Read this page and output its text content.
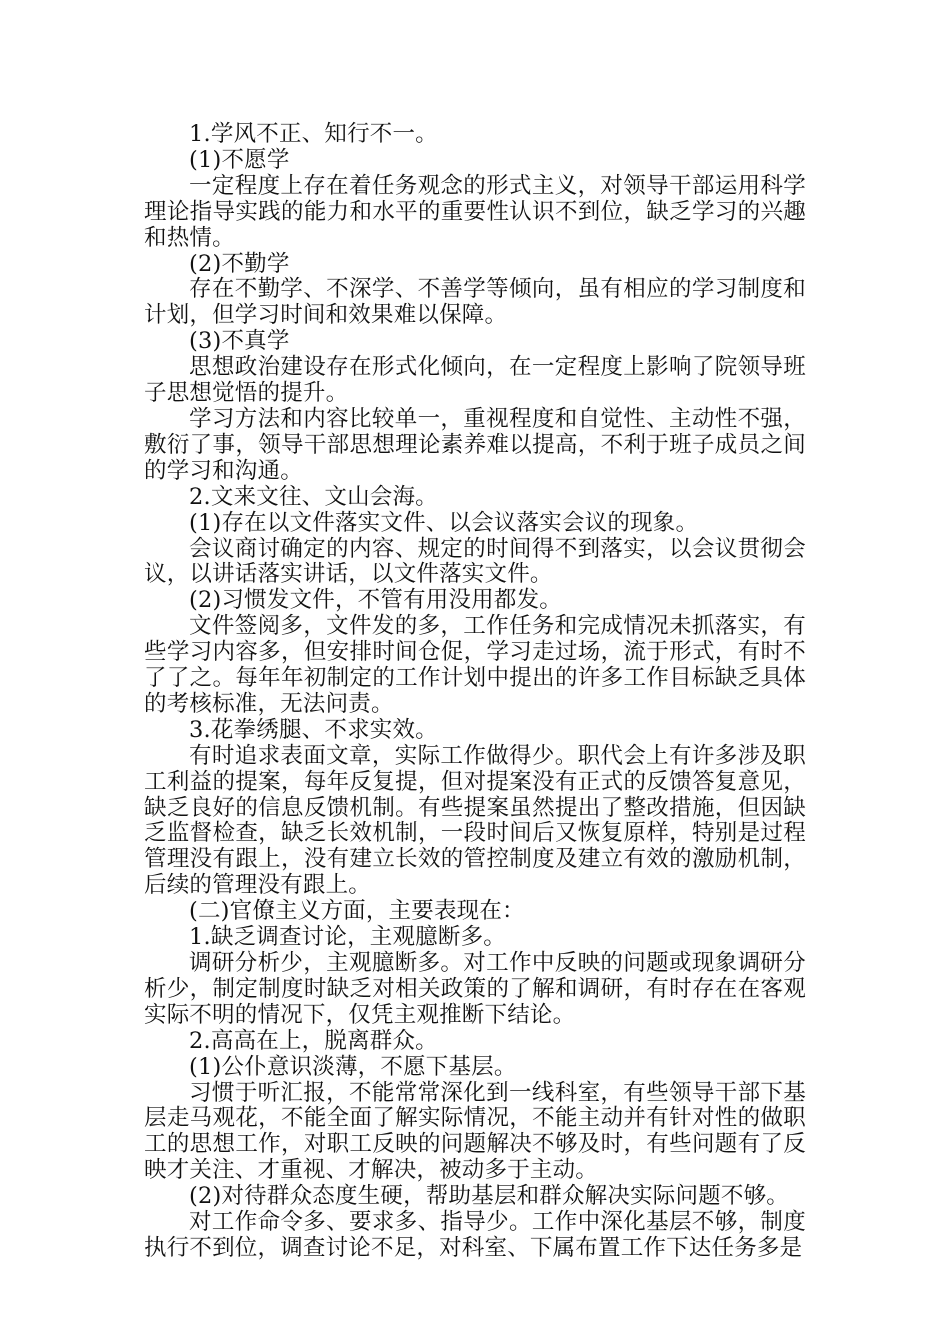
1.学风不正、知行不一。

(1)不愿学

一定程度上存在着任务观念的形式主义，对领导干部运用科学理论指导实践的能力和水平的重要性认识不到位，缺乏学习的兴趣和热情。

(2)不勤学

存在不勤学、不深学、不善学等倾向，虽有相应的学习制度和计划，但学习时间和效果难以保障。

(3)不真学

思想政治建设存在形式化倾向，在一定程度上影响了院领导班子思想觉悟的提升。

学习方法和内容比较单一，重视程度和自觉性、主动性不强，敷衍了事，领导干部思想理论素养难以提高，不利于班子成员之间的学习和沟通。

2.文来文往、文山会海。

(1)存在以文件落实文件、以会议落实会议的现象。

会议商讨确定的内容、规定的时间得不到落实，以会议贯彻会议，以讲话落实讲话，以文件落实文件。

(2)习惯发文件，不管有用没用都发。

文件签阅多，文件发的多，工作任务和完成情况未抓落实，有些学习内容多，但安排时间仓促，学习走过场，流于形式，有时不了了之。每年年初制定的工作计划中提出的许多工作目标缺乏具体的考核标准，无法问责。

3.花拳绣腿、不求实效。

有时追求表面文章，实际工作做得少。职代会上有许多涉及职工利益的提案，每年反复提，但对提案没有正式的反馈答复意见，缺乏良好的信息反馈机制。有些提案虽然提出了整改措施，但因缺乏监督检查，缺乏长效机制，一段时间后又恢复原样，特别是过程管理没有跟上，没有建立长效的管控制度及建立有效的激励机制，后续的管理没有跟上。

(二)官僚主义方面，主要表现在：

1.缺乏调查讨论，主观臆断多。

调研分析少，主观臆断多。对工作中反映的问题或现象调研分析少，制定制度时缺乏对相关政策的了解和调研，有时存在在客观实际不明的情况下，仅凭主观推断下结论。

2.高高在上，脱离群众。

(1)公仆意识淡薄，不愿下基层。

习惯于听汇报，不能常常深化到一线科室，有些领导干部下基层走马观花，不能全面了解实际情况，不能主动并有针对性的做职工的思想工作，对职工反映的问题解决不够及时，有些问题有了反映才关注、才重视、才解决，被动多于主动。

(2)对待群众态度生硬，帮助基层和群众解决实际问题不够。

对工作命令多、要求多、指导少。工作中深化基层不够，制度执行不到位，调查讨论不足，对科室、下属布置工作下达任务多是
